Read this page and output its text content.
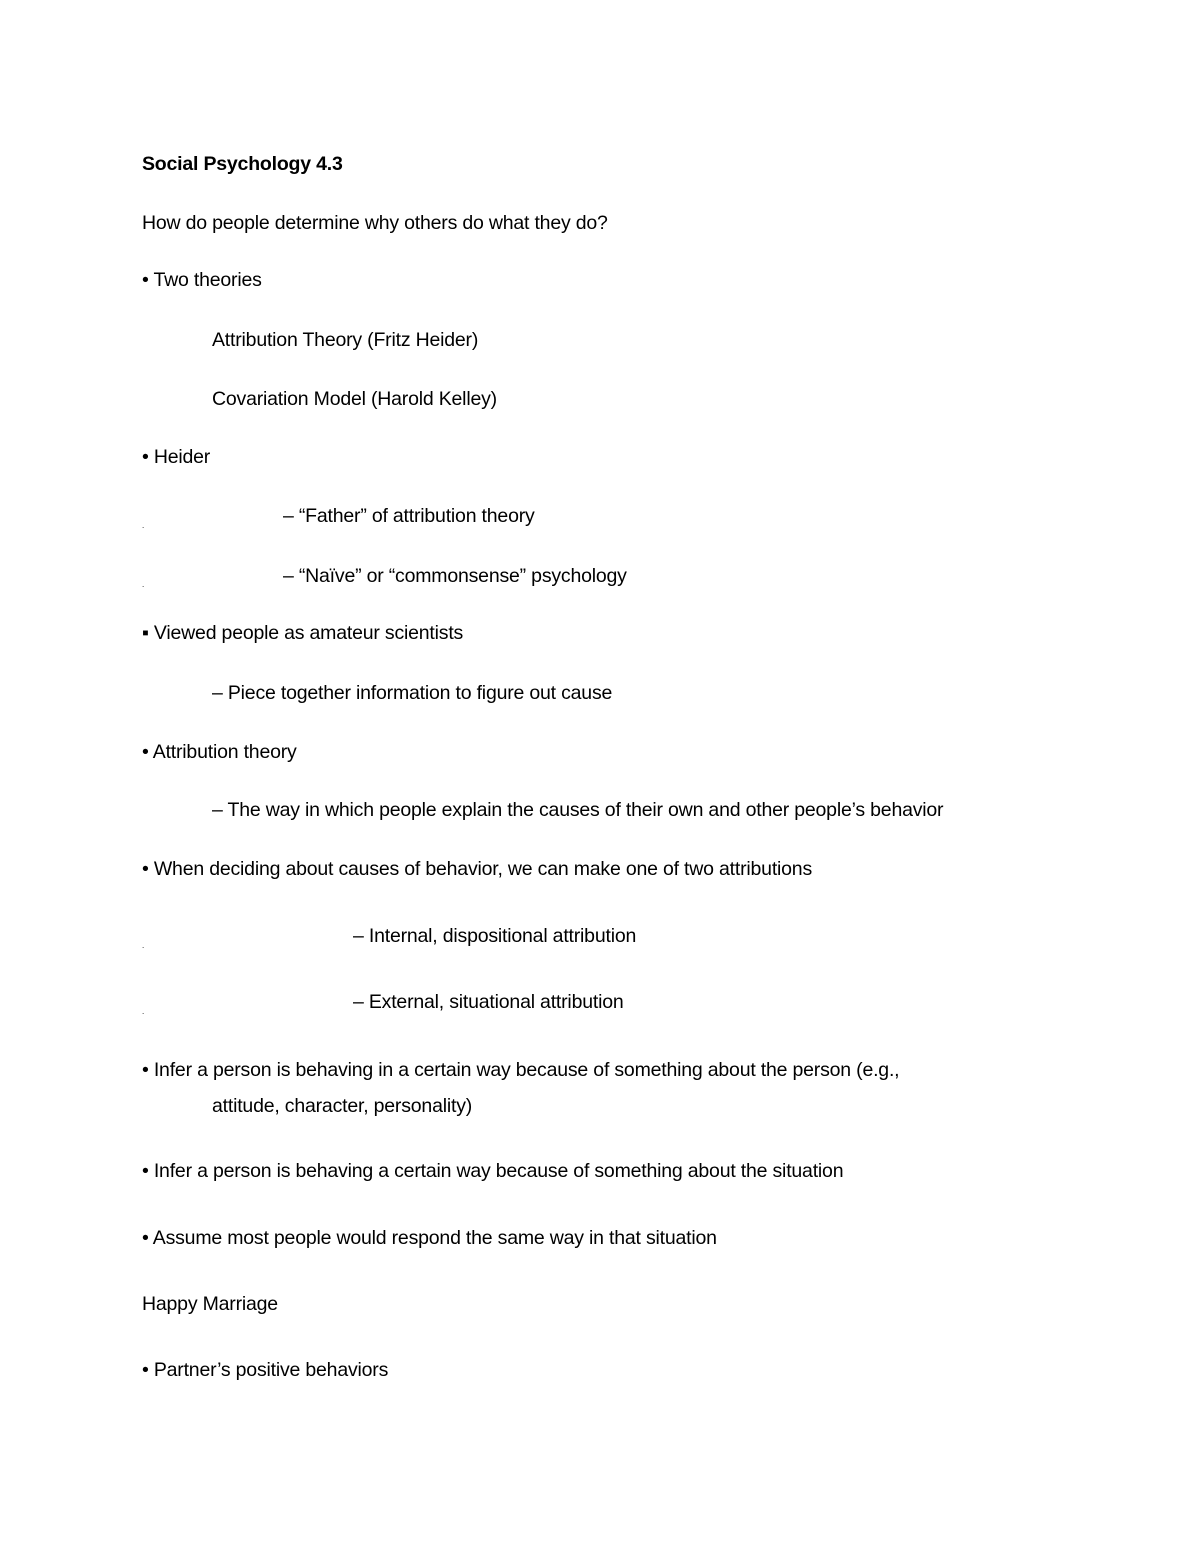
Social Psychology 4.3
How do people determine why others do what they do?
• Two theories
Attribution Theory (Fritz Heider)
Covariation Model (Harold Kelley)
• Heider
.	– “Father” of attribution theory
.	– “Naïve” or “commonsense” psychology
▪ Viewed people as amateur scientists
– Piece together information to figure out cause
• Attribution theory
– The way in which people explain the causes of their own and other people’s behavior
• When deciding about causes of behavior, we can make one of two attributions
.	– Internal, dispositional attribution
.	– External, situational attribution
• Infer a person is behaving in a certain way because of something about the person (e.g.,
attitude, character, personality)
• Infer a person is behaving a certain way because of something about the situation
• Assume most people would respond the same way in that situation
Happy Marriage
• Partner’s positive behaviors
